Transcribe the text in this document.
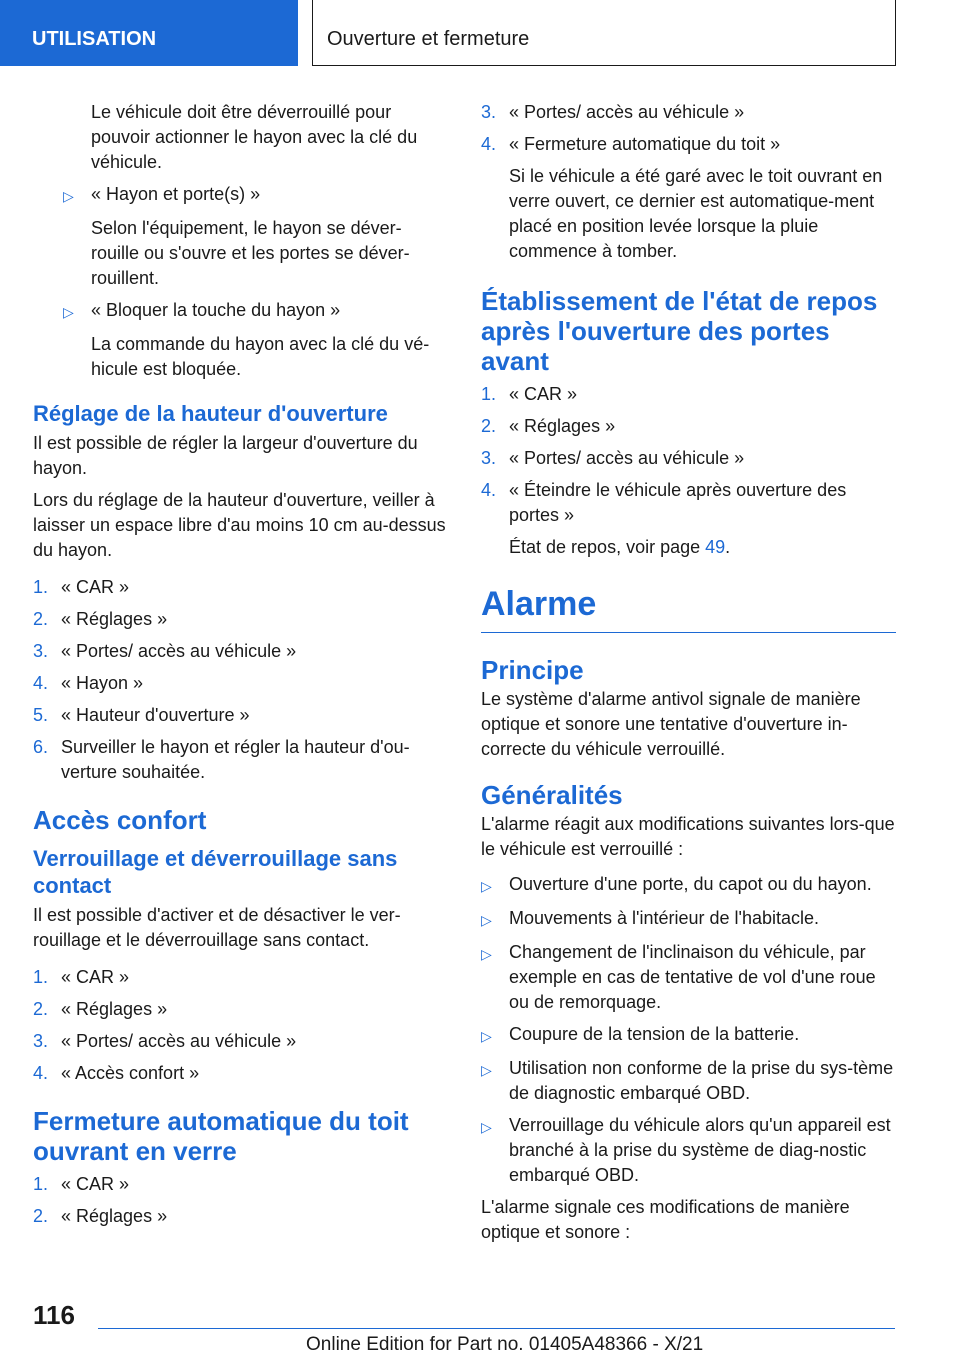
UTILISATION	Ouverture et fermeture

Le véhicule doit être déverrouillé pour pouvoir actionner le hayon avec la clé du véhicule.

▷ « Hayon et porte(s) »

Selon l'équipement, le hayon se déver-rouille ou s'ouvre et les portes se déver-rouillent.

▷ « Bloquer la touche du hayon »

La commande du hayon avec la clé du vé-hicule est bloquée.

Réglage de la hauteur d'ouverture

Il est possible de régler la largeur d'ouverture du hayon.

Lors du réglage de la hauteur d'ouverture, veiller à laisser un espace libre d'au moins 10 cm au-dessus du hayon.

1. « CAR »
2. « Réglages »
3. « Portes/ accès au véhicule »
4. « Hayon »
5. « Hauteur d'ouverture »
6. Surveiller le hayon et régler la hauteur d'ou-verture souhaitée.
Accès confort
Verrouillage et déverrouillage sans contact

Il est possible d'activer et de désactiver le ver-rouillage et le déverrouillage sans contact.

1. « CAR »
2. « Réglages »
3. « Portes/ accès au véhicule »
4. « Accès confort »
Fermeture automatique du toit ouvrant en verre
1. « CAR »
2. « Réglages »
3. « Portes/ accès au véhicule »
4. « Fermeture automatique du toit »

Si le véhicule a été garé avec le toit ouvrant en verre ouvert, ce dernier est automatique-ment placé en position levée lorsque la pluie commence à tomber.

Établissement de l'état de repos après l'ouverture des portes avant
1. « CAR »
2. « Réglages »
3. « Portes/ accès au véhicule »
4. « Éteindre le véhicule après ouverture des portes »

État de repos, voir page 49.

Alarme
Principe

Le système d'alarme antivol signale de manière optique et sonore une tentative d'ouverture in-correcte du véhicule verrouillé.

Généralités

L'alarme réagit aux modifications suivantes lors-que le véhicule est verrouillé :

▷ Ouverture d'une porte, du capot ou du hayon.
▷ Mouvements à l'intérieur de l'habitacle.
▷ Changement de l'inclinaison du véhicule, par exemple en cas de tentative de vol d'une roue ou de remorquage.
▷ Coupure de la tension de la batterie.
▷ Utilisation non conforme de la prise du sys-tème de diagnostic embarqué OBD.
▷ Verrouillage du véhicule alors qu'un appareil est branché à la prise du système de diag-nostic embarqué OBD.

L'alarme signale ces modifications de manière optique et sonore :

116
Online Edition for Part no. 01405A48366 - X/21
